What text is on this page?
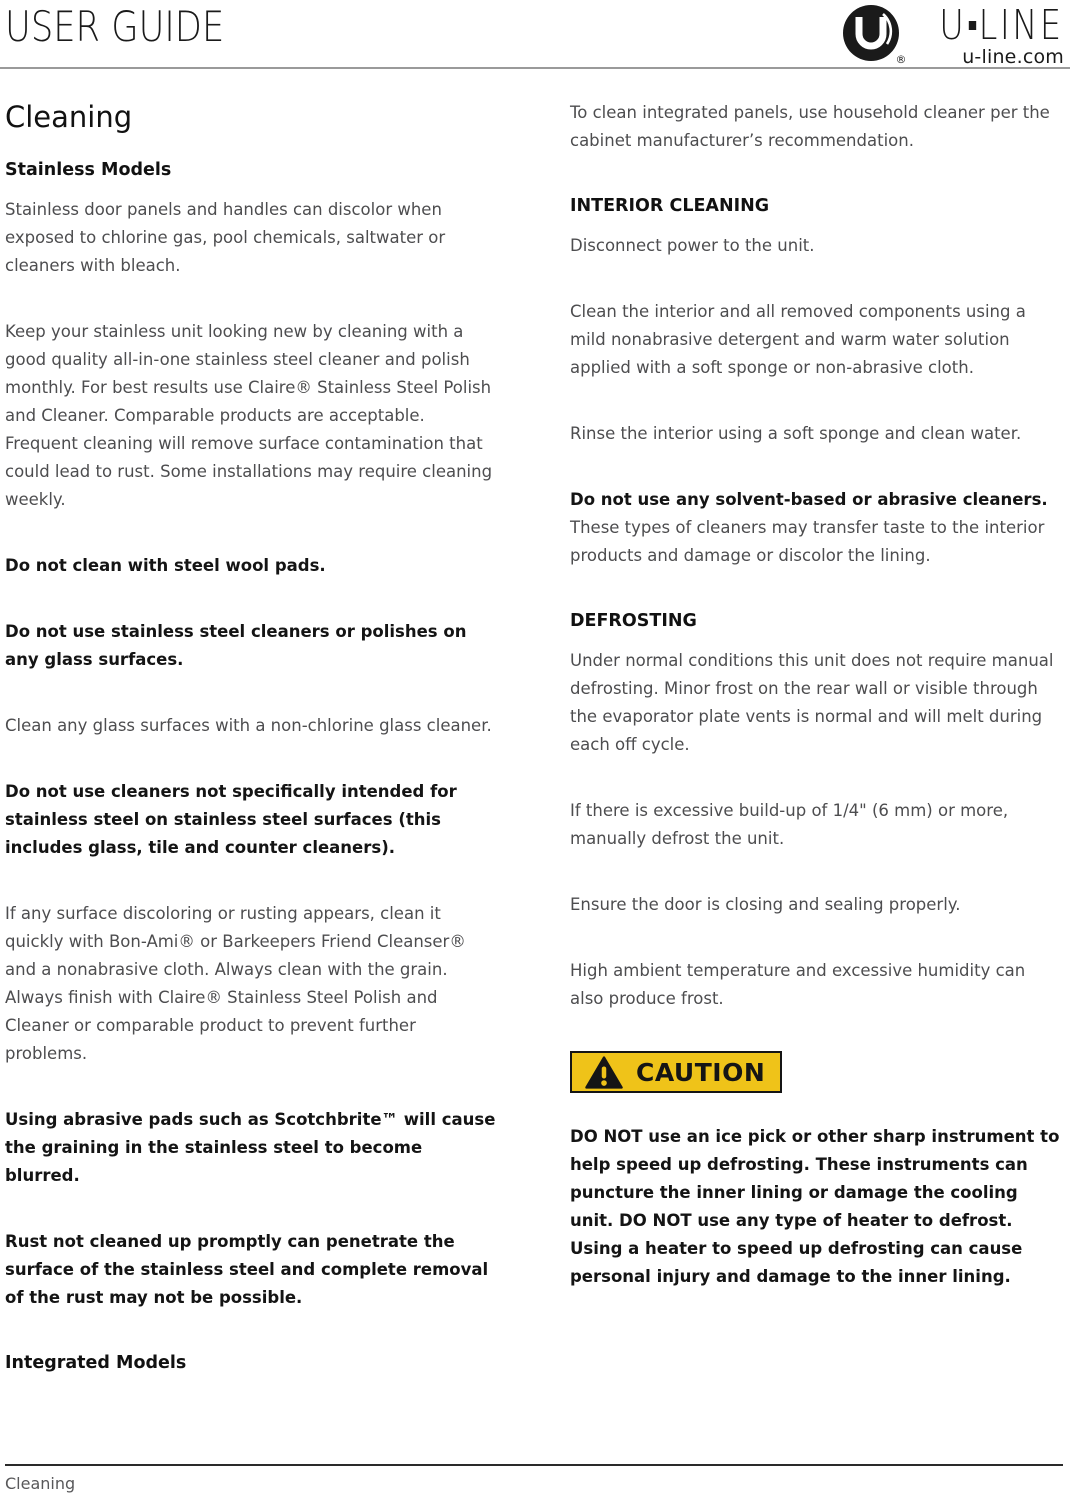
USER GUIDE
®
U LINE
u-line.com
Cleaning
Stainless Models

Stainless door panels and handles can discolor when exposed to chlorine gas, pool chemicals, saltwater or cleaners with bleach.

Keep your stainless unit looking new by cleaning with a good quality all-in-one stainless steel cleaner and polish monthly. For best results use Claire® Stainless Steel Polish and Cleaner. Comparable products are acceptable. Frequent cleaning will remove surface contamination that could lead to rust. Some installations may require cleaning weekly.

Do not clean with steel wool pads.

Do not use stainless steel cleaners or polishes on any glass surfaces.

Clean any glass surfaces with a non-chlorine glass cleaner.

Do not use cleaners not specifically intended for stainless steel on stainless steel surfaces (this includes glass, tile and counter cleaners).

If any surface discoloring or rusting appears, clean it quickly with Bon-Ami® or Barkeepers Friend Cleanser® and a nonabrasive cloth. Always clean with the grain. Always finish with Claire® Stainless Steel Polish and Cleaner or comparable product to prevent further problems.

Using abrasive pads such as Scotchbrite™ will cause the graining in the stainless steel to become blurred.

Rust not cleaned up promptly can penetrate the surface of the stainless steel and complete removal of the rust may not be possible.

Integrated Models

To clean integrated panels, use household cleaner per the cabinet manufacturer’s recommendation.

INTERIOR CLEANING

Disconnect power to the unit.

Clean the interior and all removed components using a mild nonabrasive detergent and warm water solution applied with a soft sponge or non-abrasive cloth.

Rinse the interior using a soft sponge and clean water.

Do not use any solvent-based or abrasive cleaners. These types of cleaners may transfer taste to the interior products and damage or discolor the lining.

DEFROSTING

Under normal conditions this unit does not require manual defrosting. Minor frost on the rear wall or visible through the evaporator plate vents is normal and will melt during each off cycle.

If there is excessive build-up of 1/4" (6 mm) or more, manually defrost the unit.

Ensure the door is closing and sealing properly.

High ambient temperature and excessive humidity can also produce frost.

CAUTION

DO NOT use an ice pick or other sharp instrument to help speed up defrosting. These instruments can puncture the inner lining or damage the cooling unit. DO NOT use any type of heater to defrost. Using a heater to speed up defrosting can cause personal injury and damage to the inner lining.

Cleaning
